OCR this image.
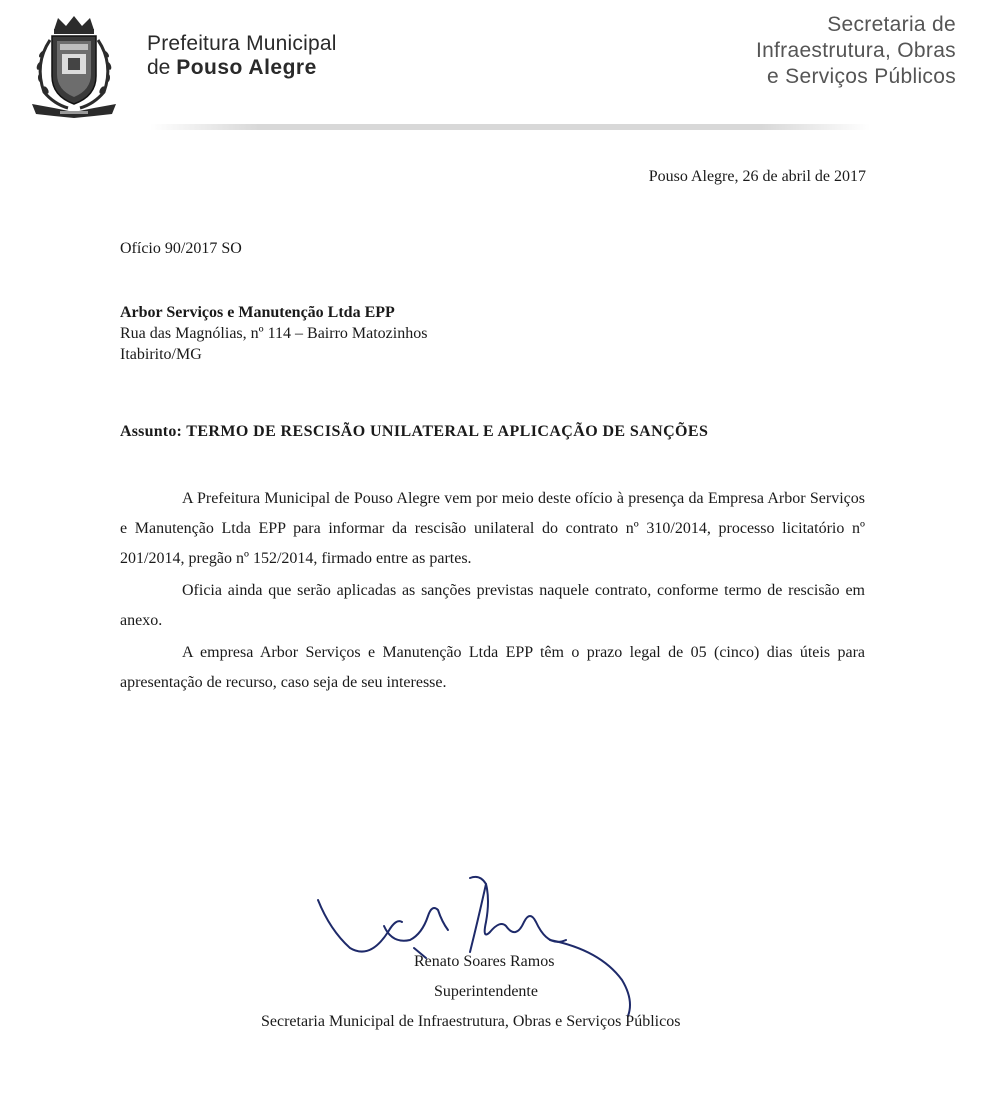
Prefeitura Municipal
de Pouso Alegre
Secretaria de
Infraestrutura, Obras
e Serviços Públicos
Pouso Alegre, 26 de abril de 2017
Ofício 90/2017 SO
Arbor Serviços e Manutenção Ltda EPP
Rua das Magnólias, nº 114 – Bairro Matozinhos
Itabirito/MG
Assunto: TERMO DE RESCISÃO UNILATERAL E APLICAÇÃO DE SANÇÕES

A Prefeitura Municipal de Pouso Alegre vem por meio deste ofício à presença da Empresa Arbor Serviços e Manutenção Ltda EPP para informar da rescisão unilateral do contrato nº 310/2014, processo licitatório nº 201/2014, pregão nº 152/2014, firmado entre as partes.

Oficia ainda que serão aplicadas as sanções previstas naquele contrato, conforme termo de rescisão em anexo.

A empresa Arbor Serviços e Manutenção Ltda EPP têm o prazo legal de 05 (cinco) dias úteis para apresentação de recurso, caso seja de seu interesse.

Renato Soares Ramos
Superintendente
Secretaria Municipal de Infraestrutura, Obras e Serviços Públicos
